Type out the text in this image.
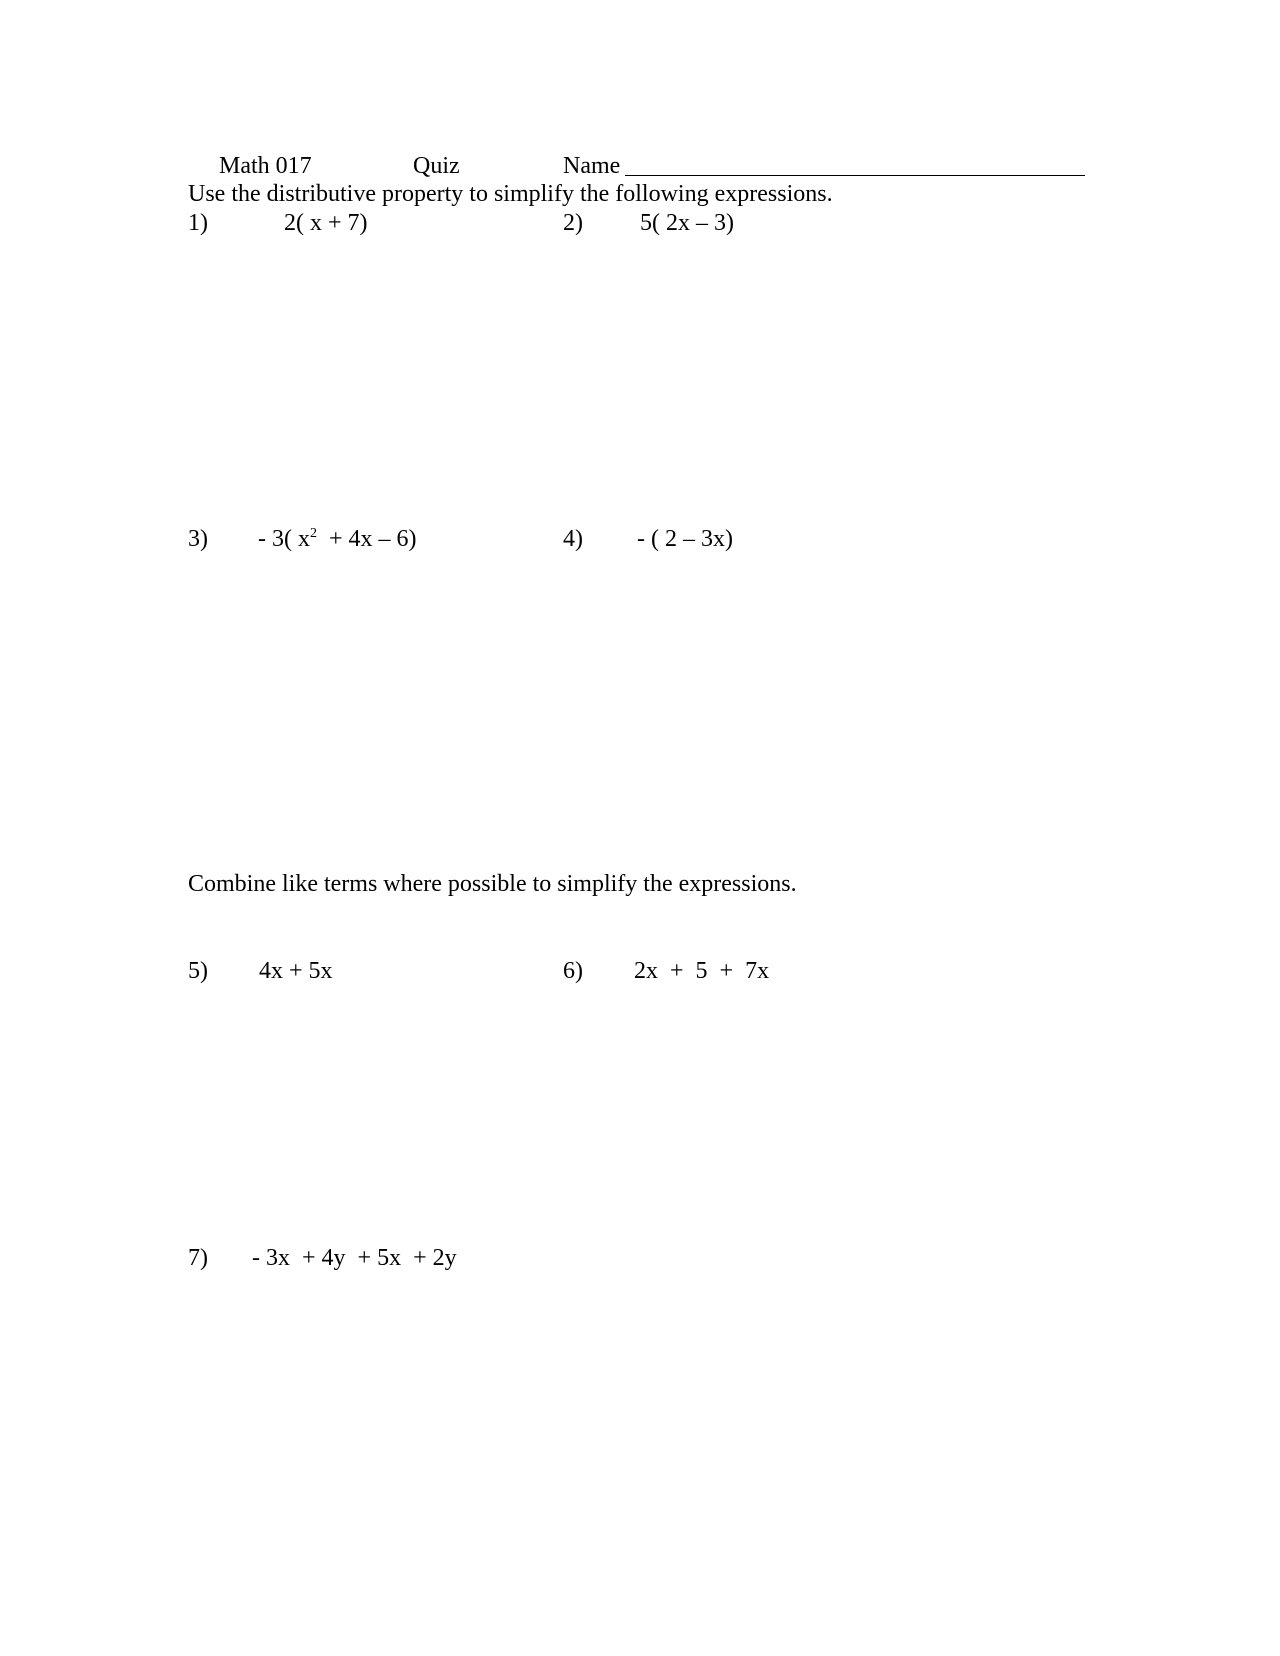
Math 017	Quiz	Name
Use the distributive property to simplify the following expressions.
1)	2( x + 7)	2) 5( 2x – 3)
3) - 3( $x^2 + 4x - 6$)	4) - ( 2 – 3x)
Combine like terms where possible to simplify the expressions.
5) 4x + 5x	6) 2x  +  5  +  7x
7) - 3x  + 4y  + 5x  + 2y
